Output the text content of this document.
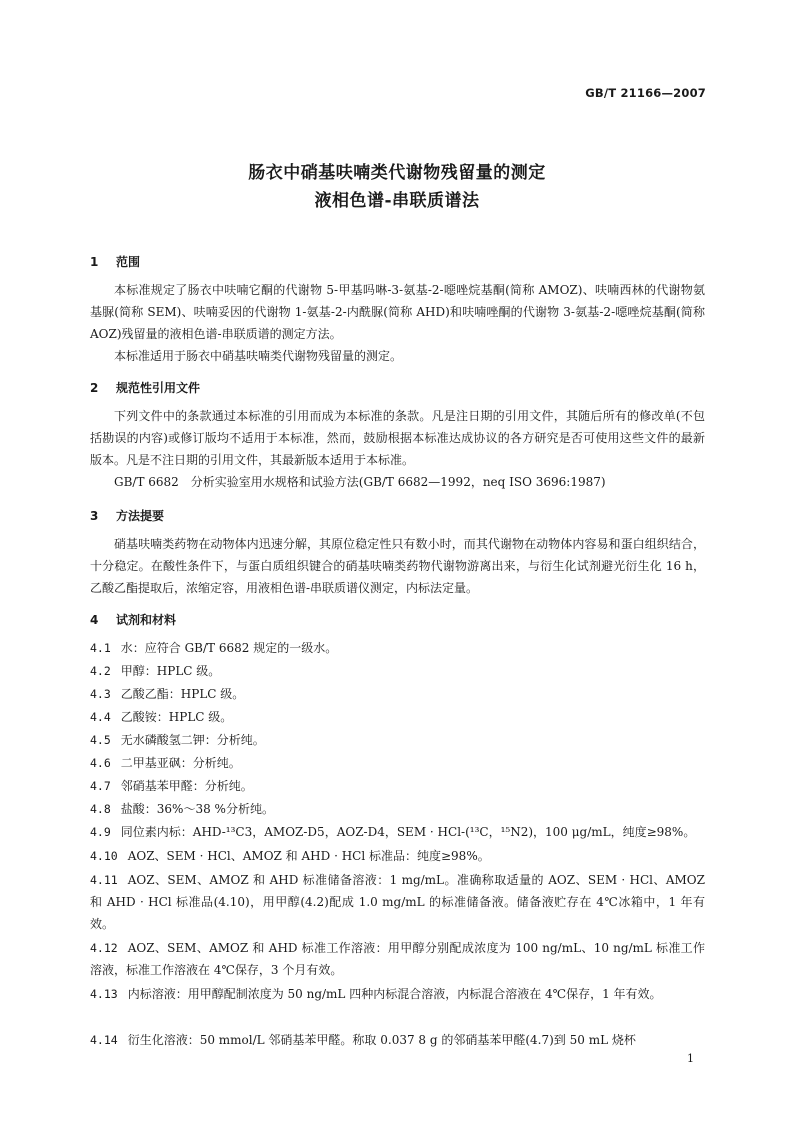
GB/T 21166—2007
肠衣中硝基呋喃类代谢物残留量的测定
液相色谱-串联质谱法
1 范围
本标准规定了肠衣中呋喃它酮的代谢物 5-甲基吗啉-3-氨基-2-噁唑烷基酮(简称 AMOZ)、呋喃西林的代谢物氨基脲(简称 SEM)、呋喃妥因的代谢物 1-氨基-2-内酰脲(简称 AHD)和呋喃唑酮的代谢物 3-氨基-2-噁唑烷基酮(简称 AOZ)残留量的液相色谱-串联质谱的测定方法。
本标准适用于肠衣中硝基呋喃类代谢物残留量的测定。
2 规范性引用文件
下列文件中的条款通过本标准的引用而成为本标准的条款。凡是注日期的引用文件，其随后所有的修改单(不包括勘误的内容)或修订版均不适用于本标准，然而，鼓励根据本标准达成协议的各方研究是否可使用这些文件的最新版本。凡是不注日期的引用文件，其最新版本适用于本标准。
GB/T 6682　分析实验室用水规格和试验方法(GB/T 6682—1992，neq ISO 3696:1987)
3 方法提要
硝基呋喃类药物在动物体内迅速分解，其原位稳定性只有数小时，而其代谢物在动物体内容易和蛋白组织结合，十分稳定。在酸性条件下，与蛋白质组织键合的硝基呋喃类药物代谢物游离出来，与衍生化试剂避光衍生化 16 h，乙酸乙酯提取后，浓缩定容，用液相色谱-串联质谱仪测定，内标法定量。
4 试剂和材料
4.1 水：应符合 GB/T 6682 规定的一级水。
4.2 甲醇：HPLC 级。
4.3 乙酸乙酯：HPLC 级。
4.4 乙酸铵：HPLC 级。
4.5 无水磷酸氢二钾：分析纯。
4.6 二甲基亚砜：分析纯。
4.7 邻硝基苯甲醛：分析纯。
4.8 盐酸：36%～38 %分析纯。
4.9 同位素内标：AHD-¹³C3，AMOZ-D5，AOZ-D4，SEM · HCl-(¹³C，¹⁵N2)，100 μg/mL，纯度≥98%。
4.10 AOZ、SEM · HCl、AMOZ 和 AHD · HCl 标准品：纯度≥98%。
4.11 AOZ、SEM、AMOZ 和 AHD 标准储备溶液：1 mg/mL。准确称取适量的 AOZ、SEM · HCl、AMOZ 和 AHD · HCl 标准品(4.10)，用甲醇(4.2)配成 1.0 mg/mL 的标准储备液。储备液贮存在 4℃冰箱中，1 年有效。
4.12 AOZ、SEM、AMOZ 和 AHD 标准工作溶液：用甲醇分别配成浓度为 100 ng/mL、10 ng/mL 标准工作溶液，标准工作溶液在 4℃保存，3 个月有效。
4.13 内标溶液：用甲醇配制浓度为 50 ng/mL 四种内标混合溶液，内标混合溶液在 4℃保存，1 年有效。
4.14 衍生化溶液：50 mmol/L 邻硝基苯甲醛。称取 0.037 8 g 的邻硝基苯甲醛(4.7)到 50 mL 烧杯
1
